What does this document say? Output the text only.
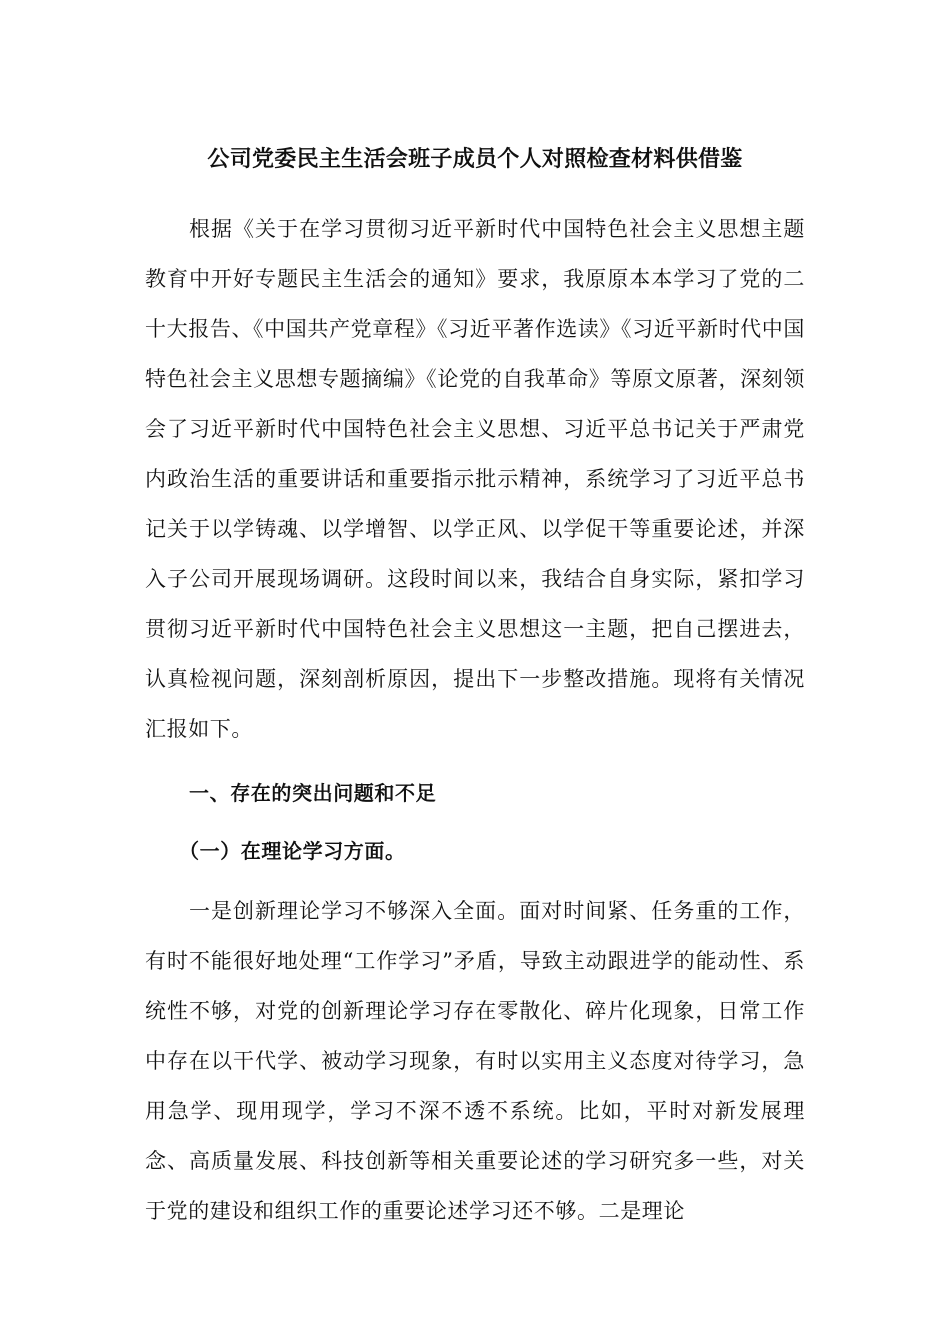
公司党委民主生活会班子成员个人对照检查材料供借鉴

根据《关于在学习贯彻习近平新时代中国特色社会主义思想主题教育中开好专题民主生活会的通知》要求，我原原本本学习了党的二十大报告、《中国共产党章程》《习近平著作选读》《习近平新时代中国特色社会主义思想专题摘编》《论党的自我革命》等原文原著，深刻领会了习近平新时代中国特色社会主义思想、习近平总书记关于严肃党内政治生活的重要讲话和重要指示批示精神，系统学习了习近平总书记关于以学铸魂、以学增智、以学正风、以学促干等重要论述，并深入子公司开展现场调研。这段时间以来，我结合自身实际，紧扣学习贯彻习近平新时代中国特色社会主义思想这一主题，把自己摆进去，认真检视问题，深刻剖析原因，提出下一步整改措施。现将有关情况汇报如下。

一、存在的突出问题和不足
（一）在理论学习方面。

一是创新理论学习不够深入全面。面对时间紧、任务重的工作，有时不能很好地处理“工作学习”矛盾，导致主动跟进学的能动性、系统性不够，对党的创新理论学习存在零散化、碎片化现象，日常工作中存在以干代学、被动学习现象，有时以实用主义态度对待学习，急用急学、现用现学，学习不深不透不系统。比如，平时对新发展理念、高质量发展、科技创新等相关重要论述的学习研究多一些，对关于党的建设和组织工作的重要论述学习还不够。二是理论
